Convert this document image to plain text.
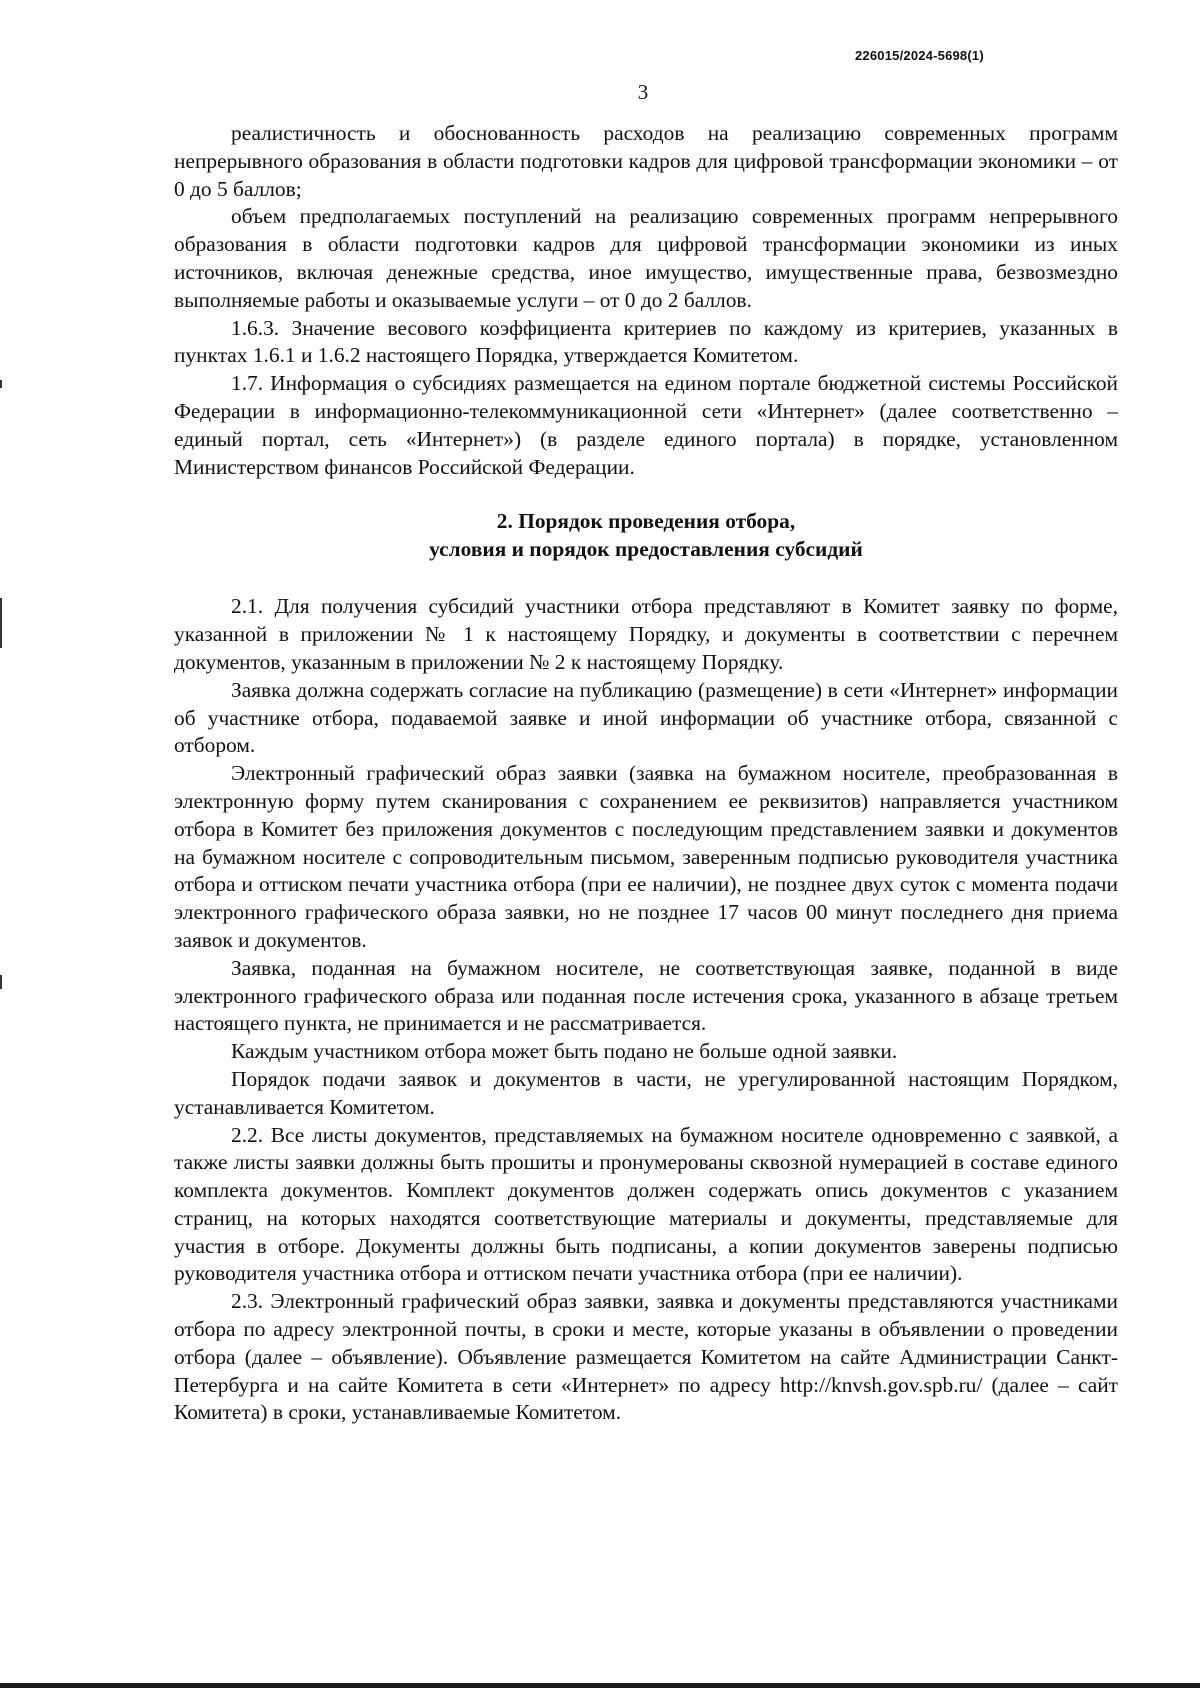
226015/2024-5698(1)
3

реалистичность и обоснованность расходов на реализацию современных программ непрерывного образования в области подготовки кадров для цифровой трансформации экономики – от 0 до 5 баллов;

объем предполагаемых поступлений на реализацию современных программ непрерывного образования в области подготовки кадров для цифровой трансформации экономики из иных источников, включая денежные средства, иное имущество, имущественные права, безвозмездно выполняемые работы и оказываемые услуги – от 0 до 2 баллов.

1.6.3. Значение весового коэффициента критериев по каждому из критериев, указанных в пунктах 1.6.1 и 1.6.2 настоящего Порядка, утверждается Комитетом.

1.7. Информация о субсидиях размещается на едином портале бюджетной системы Российской Федерации в информационно-телекоммуникационной сети «Интернет» (далее соответственно – единый портал, сеть «Интернет») (в разделе единого портала) в порядке, установленном Министерством финансов Российской Федерации.

2. Порядок проведения отбора,
условия и порядок предоставления субсидий

2.1. Для получения субсидий участники отбора представляют в Комитет заявку по форме, указанной в приложении № 1 к настоящему Порядку, и документы в соответствии с перечнем документов, указанным в приложении № 2 к настоящему Порядку.

Заявка должна содержать согласие на публикацию (размещение) в сети «Интернет» информации об участнике отбора, подаваемой заявке и иной информации об участнике отбора, связанной с отбором.

Электронный графический образ заявки (заявка на бумажном носителе, преобразованная в электронную форму путем сканирования с сохранением ее реквизитов) направляется участником отбора в Комитет без приложения документов с последующим представлением заявки и документов на бумажном носителе с сопроводительным письмом, заверенным подписью руководителя участника отбора и оттиском печати участника отбора (при ее наличии), не позднее двух суток с момента подачи электронного графического образа заявки, но не позднее 17 часов 00 минут последнего дня приема заявок и документов.

Заявка, поданная на бумажном носителе, не соответствующая заявке, поданной в виде электронного графического образа или поданная после истечения срока, указанного в абзаце третьем настоящего пункта, не принимается и не рассматривается.

Каждым участником отбора может быть подано не больше одной заявки.

Порядок подачи заявок и документов в части, не урегулированной настоящим Порядком, устанавливается Комитетом.

2.2. Все листы документов, представляемых на бумажном носителе одновременно с заявкой, а также листы заявки должны быть прошиты и пронумерованы сквозной нумерацией в составе единого комплекта документов. Комплект документов должен содержать опись документов с указанием страниц, на которых находятся соответствующие материалы и документы, представляемые для участия в отборе. Документы должны быть подписаны, а копии документов заверены подписью руководителя участника отбора и оттиском печати участника отбора (при ее наличии).

2.3. Электронный графический образ заявки, заявка и документы представляются участниками отбора по адресу электронной почты, в сроки и месте, которые указаны в объявлении о проведении отбора (далее – объявление). Объявление размещается Комитетом на сайте Администрации Санкт-Петербурга и на сайте Комитета в сети «Интернет» по адресу http://knvsh.gov.spb.ru/ (далее – сайт Комитета) в сроки, устанавливаемые Комитетом.
